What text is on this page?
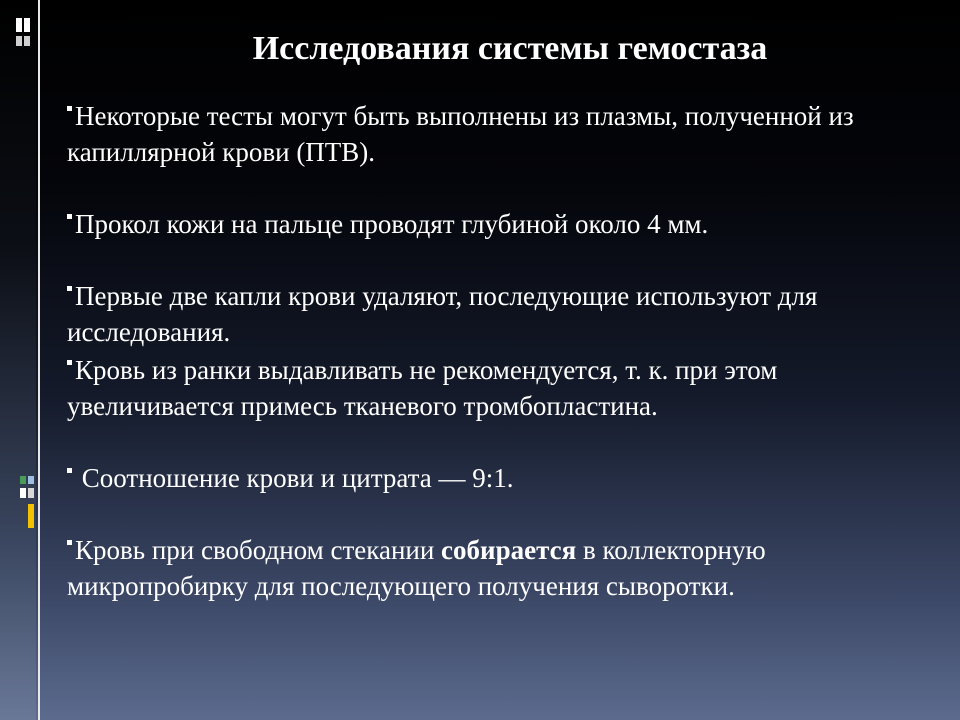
Исследования системы гемостаза
Некоторые тесты могут быть выполнены из плазмы, полученной из капиллярной крови (ПТВ).
Прокол кожи на пальце проводят глубиной около 4 мм.
Первые две капли крови удаляют, последующие используют для исследования.
Кровь из ранки выдавливать не рекомендуется, т. к. при этом увеличивается примесь тканевого тромбопластина.
Соотношение крови и цитрата — 9:1.
Кровь при свободном стекании собирается в коллекторную микропробирку для последующего получения сыворотки.
